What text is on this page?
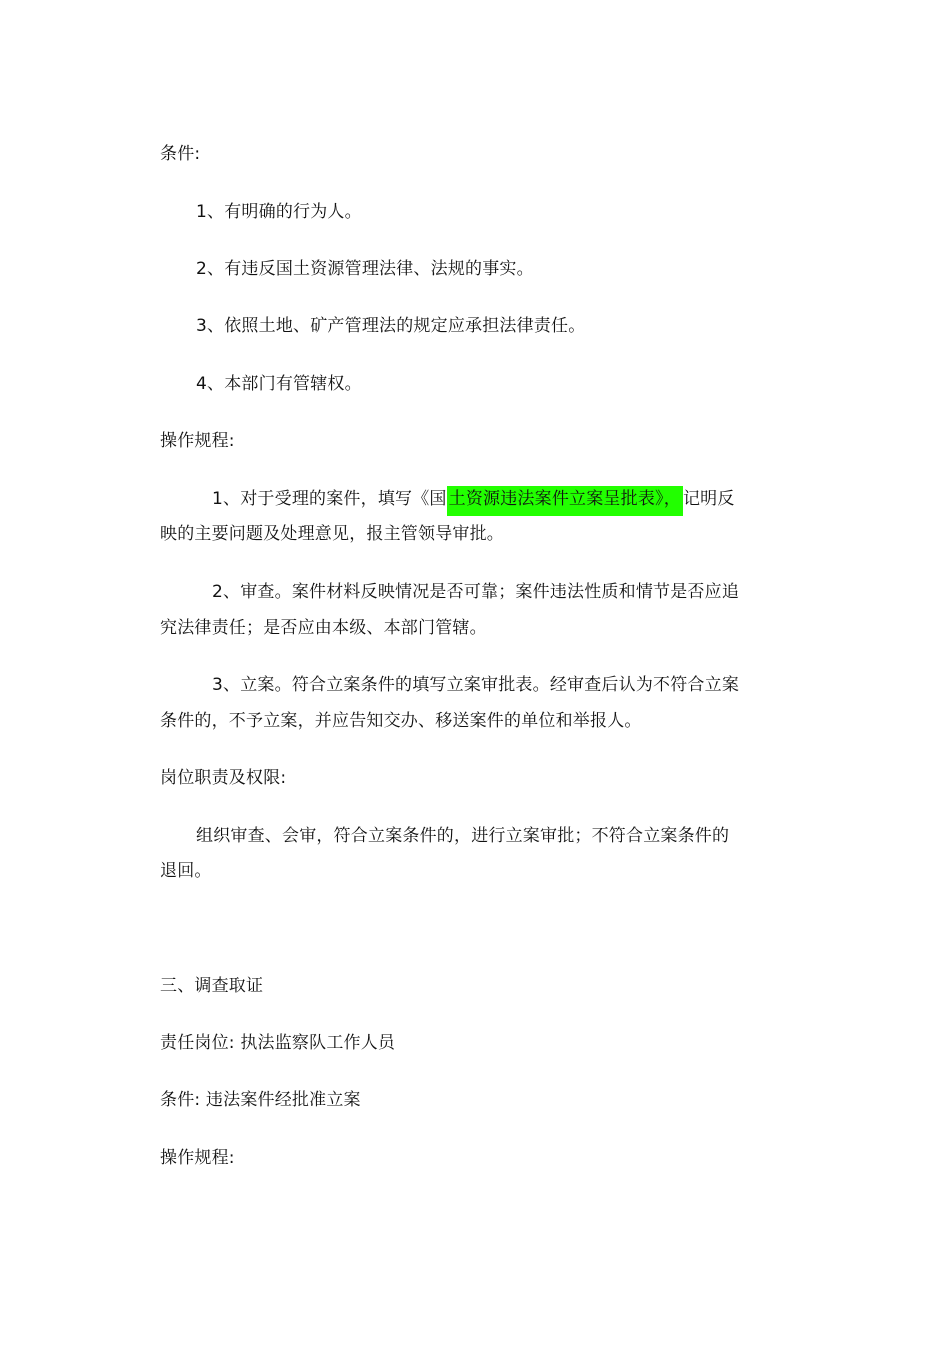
条件:
1、有明确的行为人。
2、有违反国土资源管理法律、法规的事实。
3、依照土地、矿产管理法的规定应承担法律责任。
4、本部门有管辖权。
操作规程:
1、对于受理的案件，填写《国 土资源违法案件立案呈批表》， 记明反
映的主要问题及处理意见，报主管领导审批。
2、审查。案件材料反映情况是否可靠；案件违法性质和情节是否应追
究法律责任；是否应由本级、本部门管辖。
3、立案。符合立案条件的填写立案审批表。经审查后认为不符合立案
条件的，不予立案，并应告知交办、移送案件的单位和举报人。
岗位职责及权限:
组织审查、会审，符合立案条件的，进行立案审批；不符合立案条件的
退回。
三、调查取证
责任岗位: 执法监察队工作人员
条件: 违法案件经批准立案
操作规程:
